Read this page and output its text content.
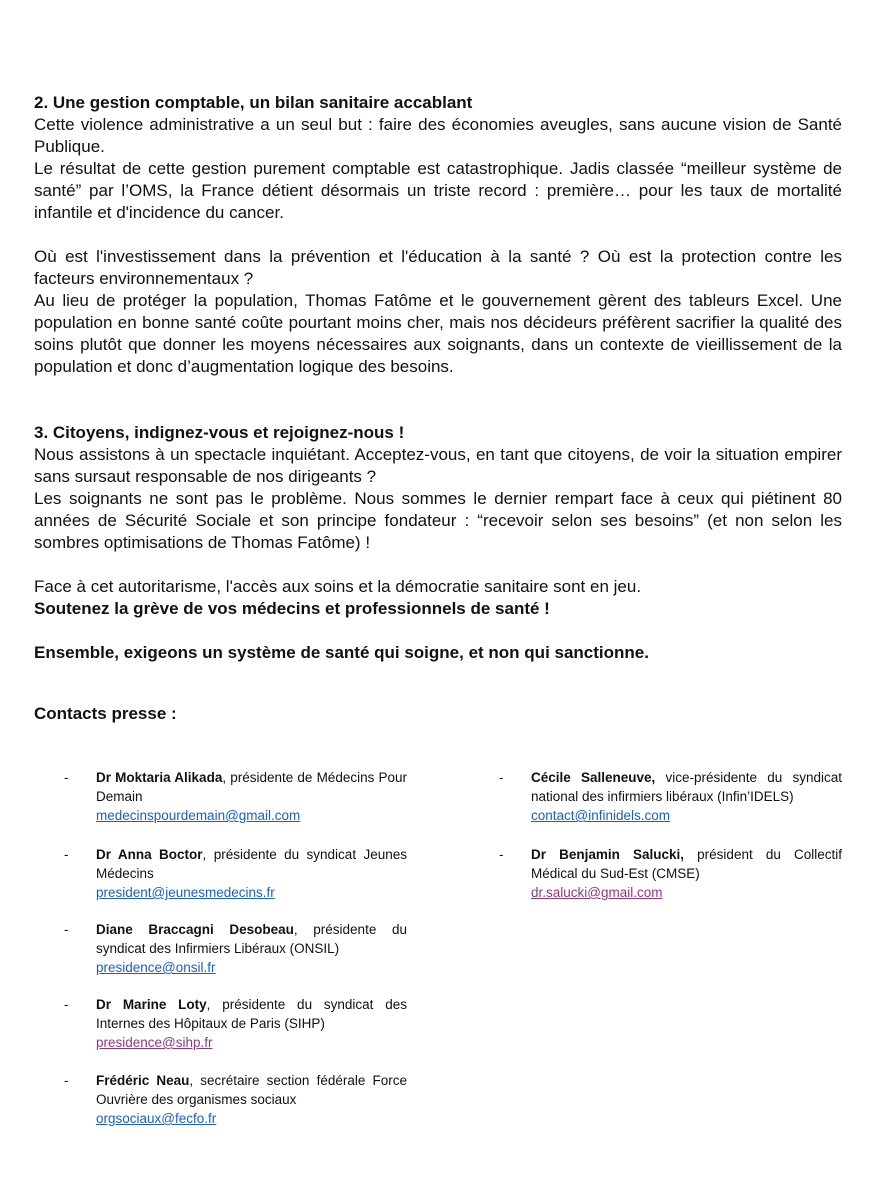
2. Une gestion comptable, un bilan sanitaire accablant

Cette violence administrative a un seul but : faire des économies aveugles, sans aucune vision de Santé Publique.

Le résultat de cette gestion purement comptable est catastrophique. Jadis classée “meilleur système de santé” par l’OMS, la France détient désormais un triste record : première… pour les taux de mortalité infantile et d'incidence du cancer.

Où est l'investissement dans la prévention et l'éducation à la santé ? Où est la protection contre les facteurs environnementaux ?

Au lieu de protéger la population, Thomas Fatôme et le gouvernement gèrent des tableurs Excel. Une population en bonne santé coûte pourtant moins cher, mais nos décideurs préfèrent sacrifier la qualité des soins plutôt que donner les moyens nécessaires aux soignants, dans un contexte de vieillissement de la population et donc d’augmentation logique des besoins.

3. Citoyens, indignez-vous et rejoignez-nous !

Nous assistons à un spectacle inquiétant. Acceptez-vous, en tant que citoyens, de voir la situation empirer sans sursaut responsable de nos dirigeants ?

Les soignants ne sont pas le problème. Nous sommes le dernier rempart face à ceux qui piétinent 80 années de Sécurité Sociale et son principe fondateur : “recevoir selon ses besoins” (et non selon les sombres optimisations de Thomas Fatôme) !

Face à cet autoritarisme, l'accès aux soins et la démocratie sanitaire sont en jeu.

Soutenez la grève de vos médecins et professionnels de santé !

Ensemble, exigeons un système de santé qui soigne, et non qui sanctionne.

Contacts presse :
- Dr Moktaria Alikada, présidente de Médecins Pour Demain
medecinspourdemain@gmail.com
- Dr Anna Boctor, présidente du syndicat Jeunes Médecins
president@jeunesmedecins.fr
- Diane Braccagni Desobeau, présidente du syndicat des Infirmiers Libéraux (ONSIL)
presidence@onsil.fr
- Dr Marine Loty, présidente du syndicat des Internes des Hôpitaux de Paris (SIHP)
presidence@sihp.fr
- Frédéric Neau, secrétaire section fédérale Force Ouvrière des organismes sociaux
orgsociaux@fecfo.fr
- Cécile Salleneuve, vice-présidente du syndicat national des infirmiers libéraux (Infin’IDELS)
contact@infinidels.com
- Dr Benjamin Salucki, président du Collectif Médical du Sud-Est (CMSE)
dr.salucki@gmail.com
